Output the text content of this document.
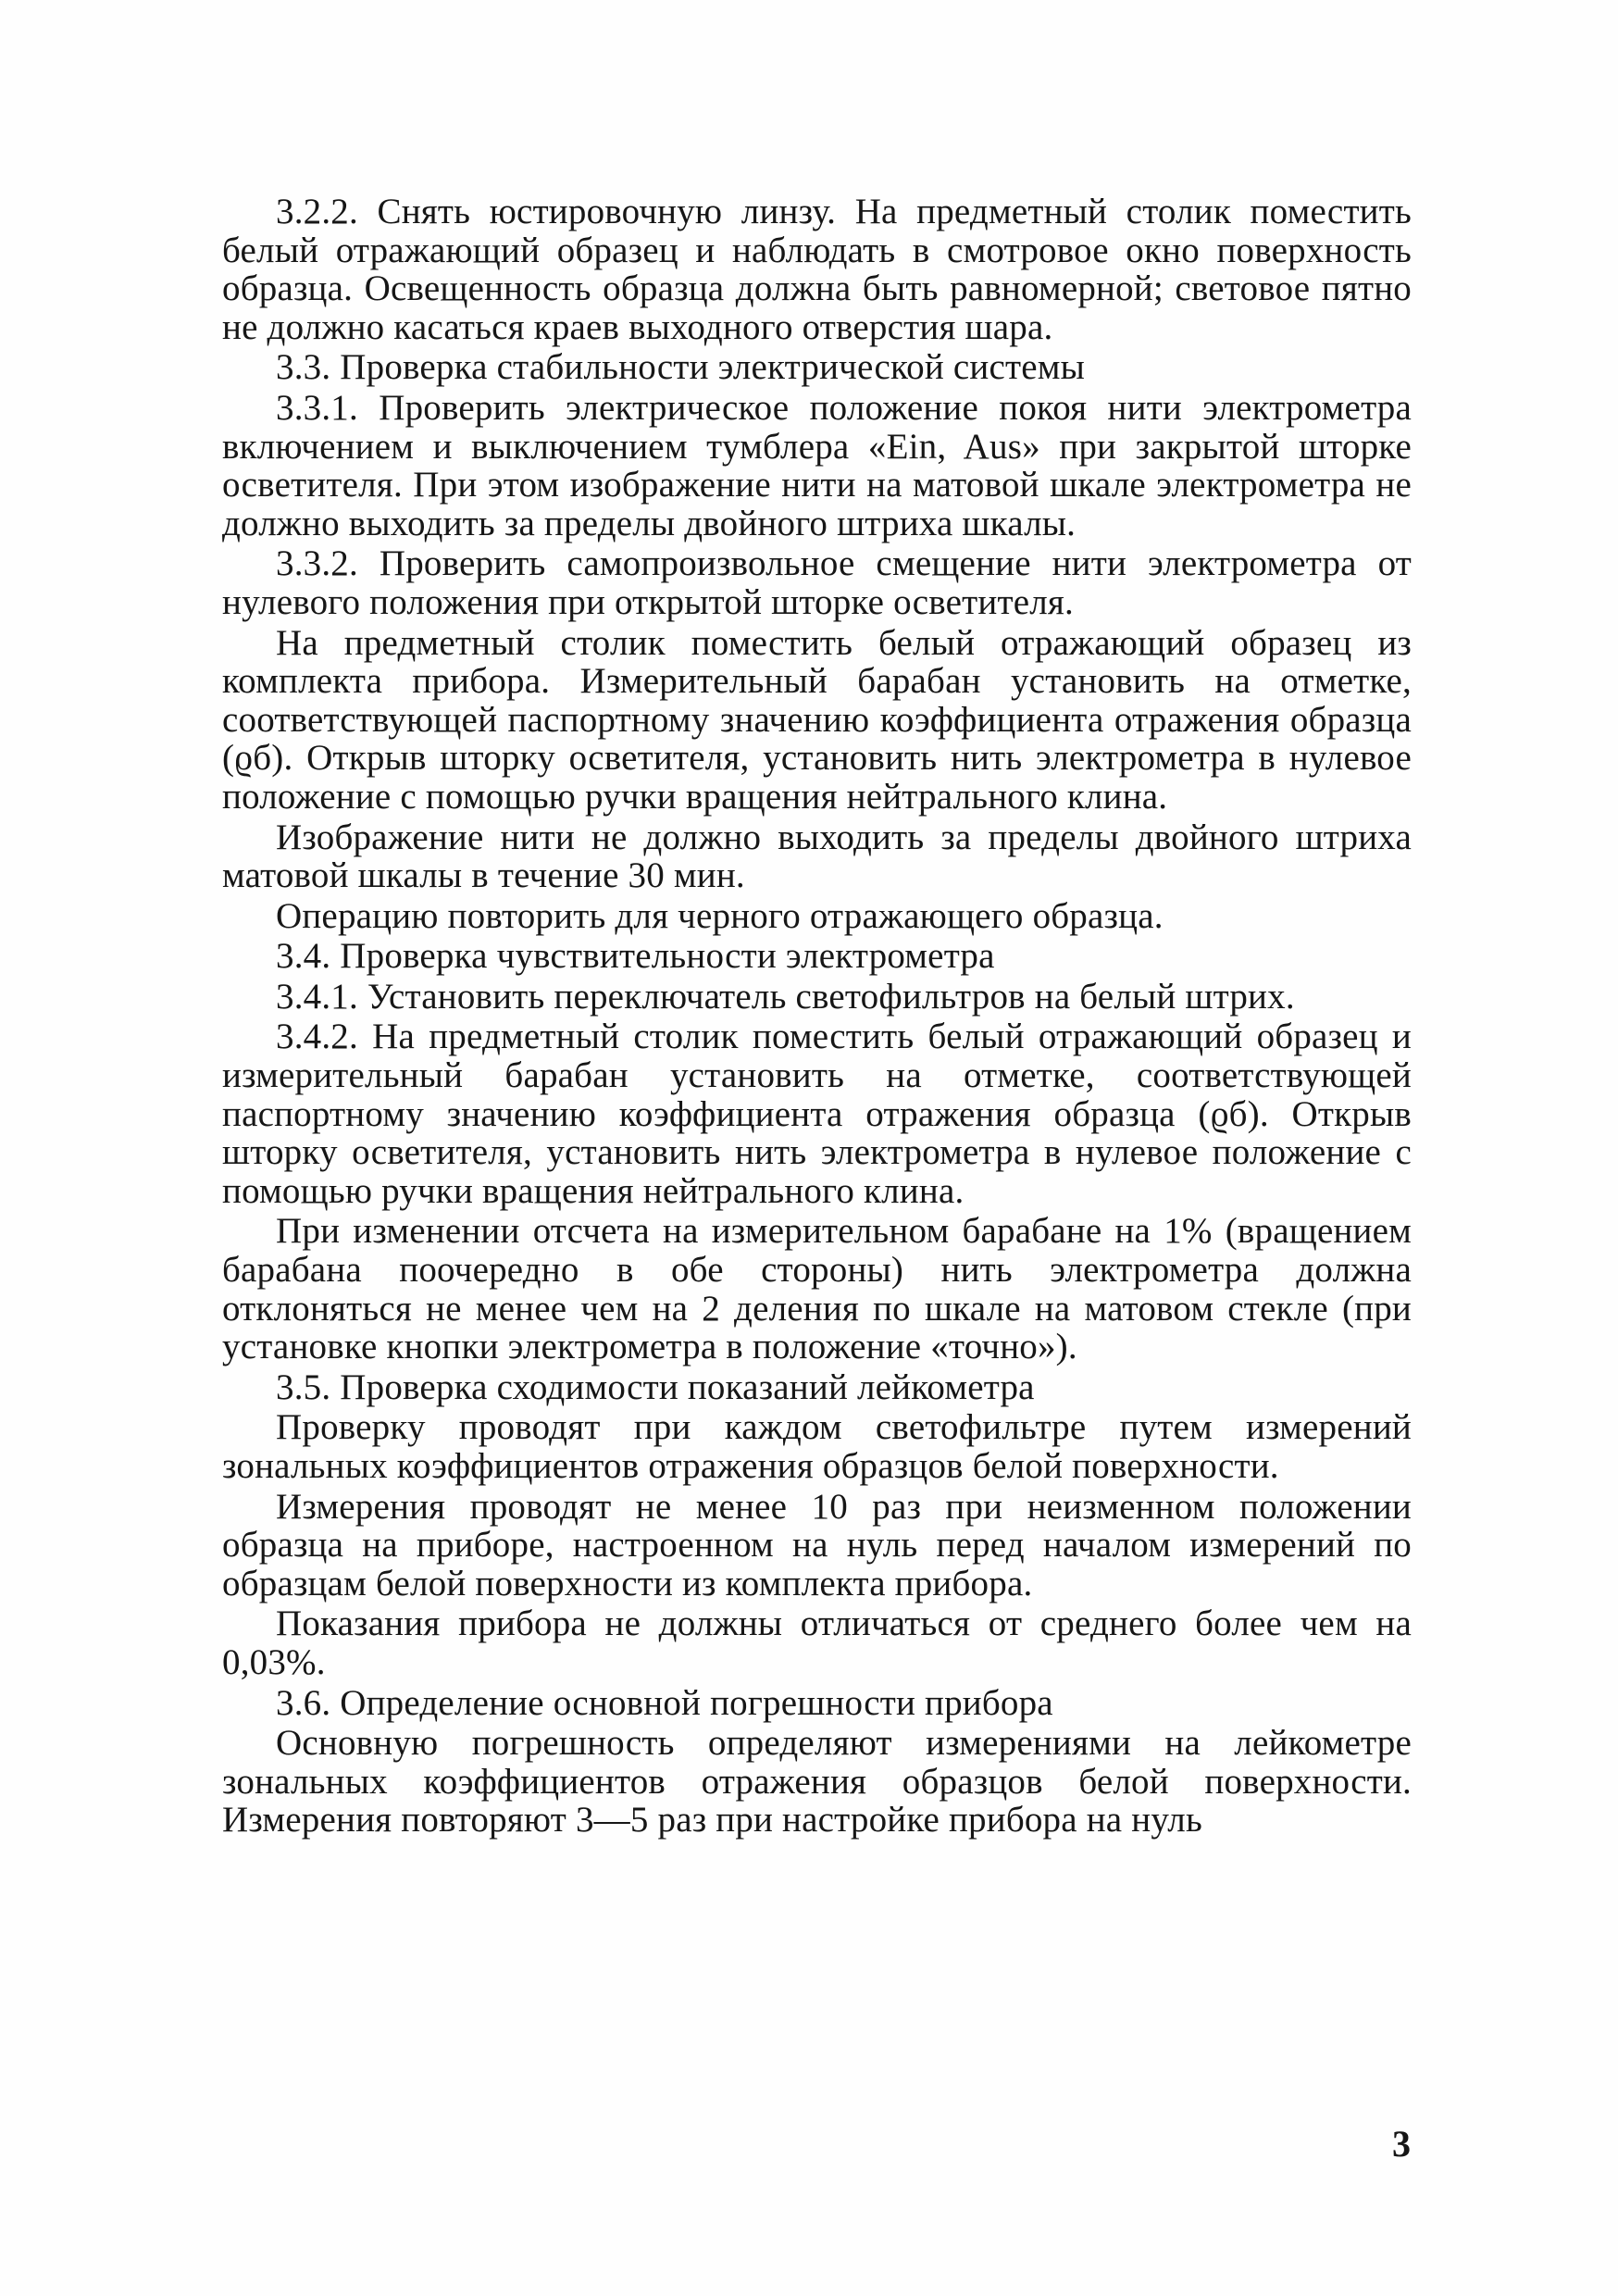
3.2.2. Снять юстировочную линзу. На предметный столик поместить белый отражающий образец и наблюдать в смотровое окно поверхность образца. Освещенность образца должна быть равномерной; световое пятно не должно касаться краев выходного отверстия шара.

3.3. Проверка стабильности электрической системы

3.3.1. Проверить электрическое положение покоя нити электрометра включением и выключением тумблера «Ein, Aus» при закрытой шторке осветителя. При этом изображение нити на матовой шкале электрометра не должно выходить за пределы двойного штриха шкалы.

3.3.2. Проверить самопроизвольное смещение нити электрометра от нулевого положения при открытой шторке осветителя.

На предметный столик поместить белый отражающий образец из комплекта прибора. Измерительный барабан установить на отметке, соответствующей паспортному значению коэффициента отражения образца (ϱб). Открыв шторку осветителя, установить нить электрометра в нулевое положение с помощью ручки вращения нейтрального клина.

Изображение нити не должно выходить за пределы двойного штриха матовой шкалы в течение 30 мин.

Операцию повторить для черного отражающего образца.

3.4. Проверка чувствительности электрометра

3.4.1. Установить переключатель светофильтров на белый штрих.

3.4.2. На предметный столик поместить белый отражающий образец и измерительный барабан установить на отметке, соответствующей паспортному значению коэффициента отражения образца (ϱб). Открыв шторку осветителя, установить нить электрометра в нулевое положение с помощью ручки вращения нейтрального клина.

При изменении отсчета на измерительном барабане на 1% (вращением барабана поочередно в обе стороны) нить электрометра должна отклоняться не менее чем на 2 деления по шкале на матовом стекле (при установке кнопки электрометра в положение «точно»).

3.5. Проверка сходимости показаний лейкометра

Проверку проводят при каждом светофильтре путем измерений зональных коэффициентов отражения образцов белой поверхности.

Измерения проводят не менее 10 раз при неизменном положении образца на приборе, настроенном на нуль перед началом измерений по образцам белой поверхности из комплекта прибора.

Показания прибора не должны отличаться от среднего более чем на 0,03%.

3.6. Определение основной погрешности прибора

Основную погрешность определяют измерениями на лейкометре зональных коэффициентов отражения образцов белой поверхности. Измерения повторяют 3—5 раз при настройке прибора на нуль

3
